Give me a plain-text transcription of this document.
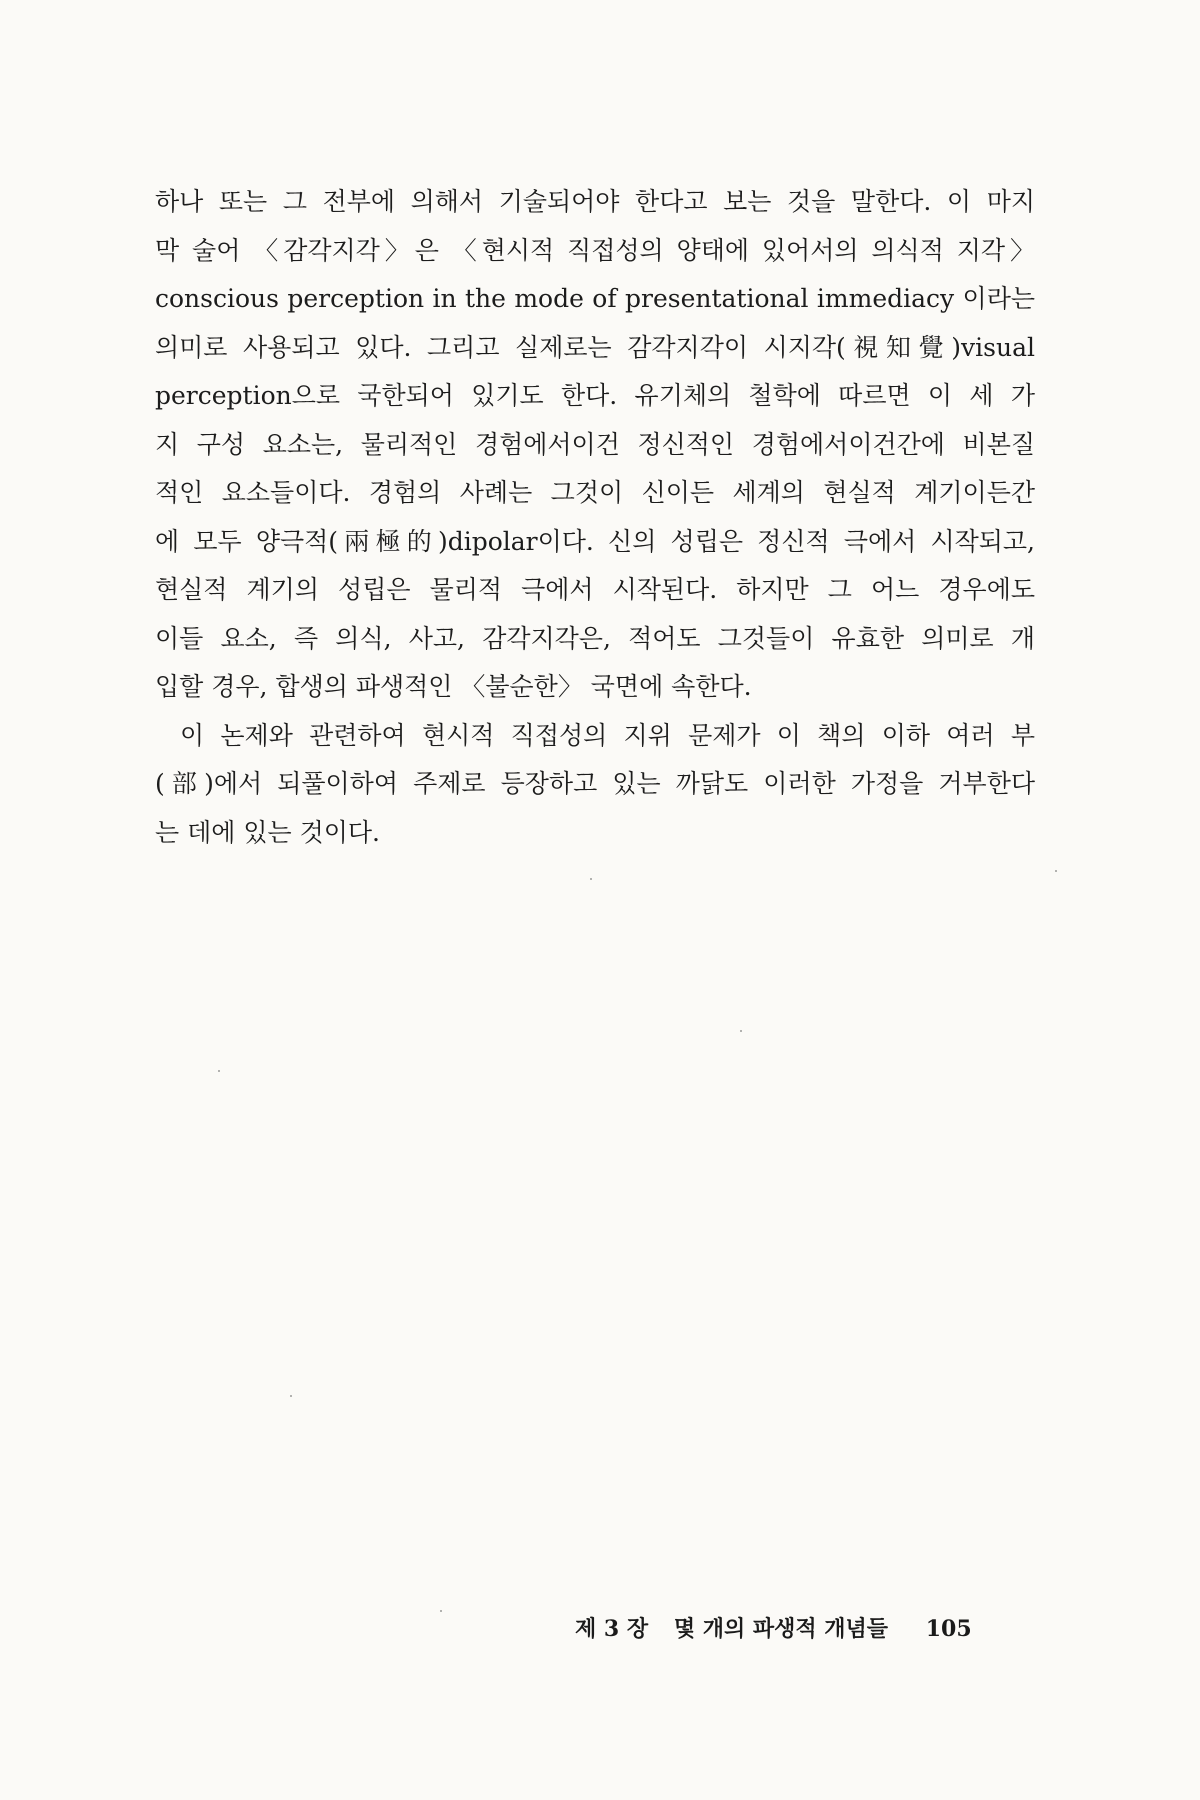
하나 또는 그 전부에 의해서 기술되어야 한다고 보는 것을 말한다. 이 마지
막 술어 〈감각지각〉은 〈현시적 직접성의 양태에 있어서의 의식적 지각〉
conscious perception in the mode of presentational immediacy 이라는
의미로 사용되고 있다. 그리고 실제로는 감각지각이 시지각(視知覺)visual
perception으로 국한되어 있기도 한다. 유기체의 철학에 따르면 이 세 가
지 구성 요소는, 물리적인 경험에서이건 정신적인 경험에서이건간에 비본질
적인 요소들이다. 경험의 사례는 그것이 신이든 세계의 현실적 계기이든간
에 모두 양극적(兩極的)dipolar이다. 신의 성립은 정신적 극에서 시작되고,
현실적 계기의 성립은 물리적 극에서 시작된다. 하지만 그 어느 경우에도
이들 요소, 즉 의식, 사고, 감각지각은, 적어도 그것들이 유효한 의미로 개
입할 경우, 합생의 파생적인 〈불순한〉 국면에 속한다.
이 논제와 관련하여 현시적 직접성의 지위 문제가 이 책의 이하 여러 부
(部)에서 되풀이하여 주제로 등장하고 있는 까닭도 이러한 가정을 거부한다
는 데에 있는 것이다.
제 3 장 몇 개의 파생적 개념들 105
